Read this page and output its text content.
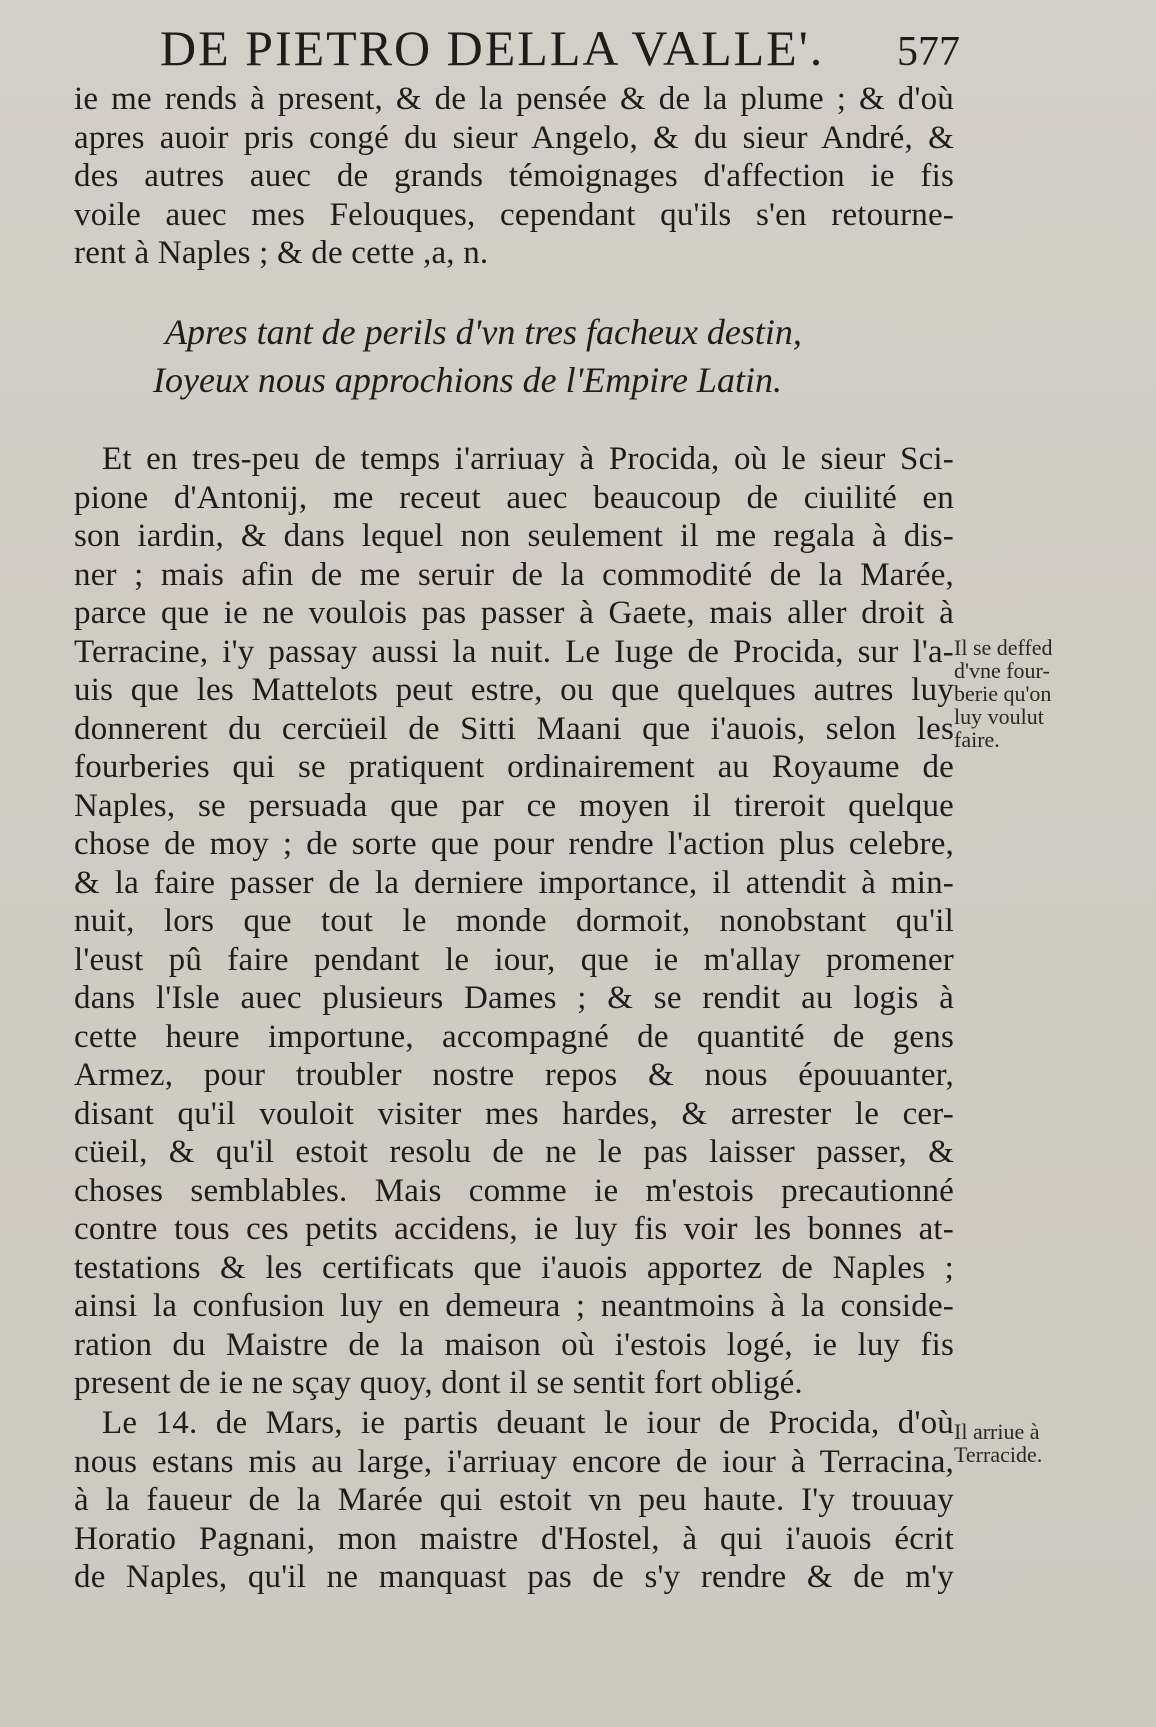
DE PIETRO DELLA VALLE'. 577
ie me rends à present, & de la pensée & de la plume ; & d'où
apres auoir pris congé du sieur Angelo, & du sieur André, &
des autres auec de grands témoignages d'affection ie fis
voile auec mes Felouques, cependant qu'ils s'en retourne-
rent à Naples ; & de cette ,a, n.
Apres tant de perils d'vn tres facheux destin,
Ioyeux nous approchions de l'Empire Latin.
Et en tres-peu de temps i'arriuay à Procida, où le sieur Sci-
pione d'Antonij, me receut auec beaucoup de ciuilité en
son iardin, & dans lequel non seulement il me regala à dis-
ner ; mais afin de me seruir de la commodité de la Marée,
parce que ie ne voulois pas passer à Gaete, mais aller droit à
Terracine, i'y passay aussi la nuit. Le Iuge de Procida, sur l'a-
uis que les Mattelots peut estre, ou que quelques autres luy
donnerent du cercüeil de Sitti Maani que i'auois, selon les
fourberies qui se pratiquent ordinairement au Royaume de
Naples, se persuada que par ce moyen il tireroit quelque
chose de moy ; de sorte que pour rendre l'action plus celebre,
& la faire passer de la derniere importance, il attendit à min-
nuit, lors que tout le monde dormoit, nonobstant qu'il
l'eust pû faire pendant le iour, que ie m'allay promener
dans l'Isle auec plusieurs Dames ; & se rendit au logis à
cette heure importune, accompagné de quantité de gens
Armez, pour troubler nostre repos & nous épouuanter,
disant qu'il vouloit visiter mes hardes, & arrester le cer-
cüeil, & qu'il estoit resolu de ne le pas laisser passer, &
choses semblables. Mais comme ie m'estois precautionné
contre tous ces petits accidens, ie luy fis voir les bonnes at-
testations & les certificats que i'auois apportez de Naples ;
ainsi la confusion luy en demeura ; neantmoins à la conside-
ration du Maistre de la maison où i'estois logé, ie luy fis
present de ie ne sçay quoy, dont il se sentit fort obligé.
Le 14. de Mars, ie partis deuant le iour de Procida, d'où
nous estans mis au large, i'arriuay encore de iour à Terracina,
à la faueur de la Marée qui estoit vn peu haute. I'y trouuay
Horatio Pagnani, mon maistre d'Hostel, à qui i'auois écrit
de Naples, qu'il ne manquast pas de s'y rendre & de m'y
Il se deffed
d'vne four-
berie qu'on
luy voulut
faire.
Il arriue à
Terracide.
